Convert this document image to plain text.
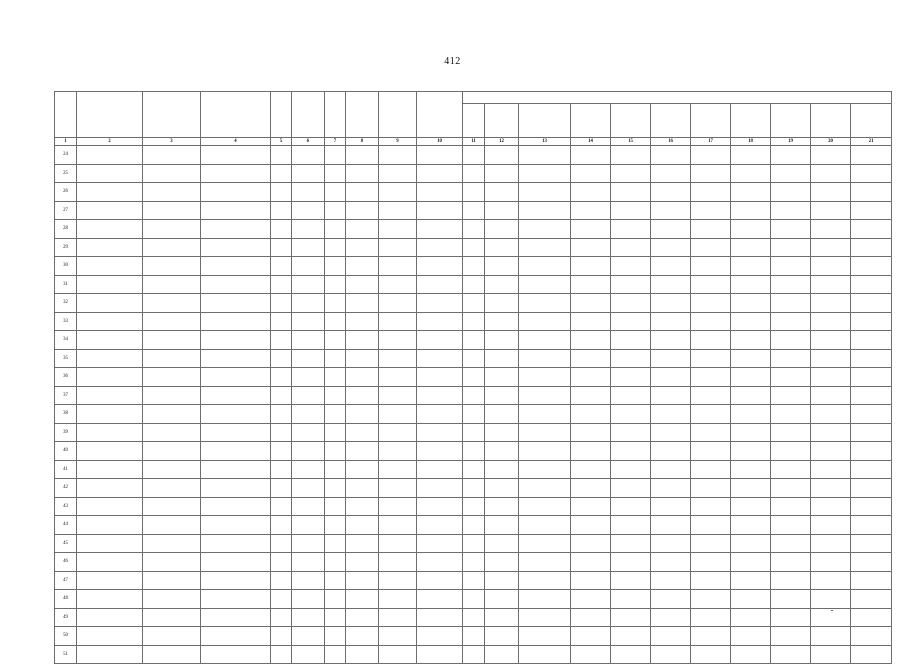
412

1	2	3	4	5	6	7	8	9	10	11	12	13	14	15	16	17	18	19	20	21
24																				
25																				
26																				
27																				
28																				
29																				
30																				
31																				
32																				
33																				
34																				
35																				
36																				
37																				
38																				
39																				
40																				
41																				
42																				
43																				
44																				
45																				
46																				
47																				
48																				
49																				
50																				
51																				
